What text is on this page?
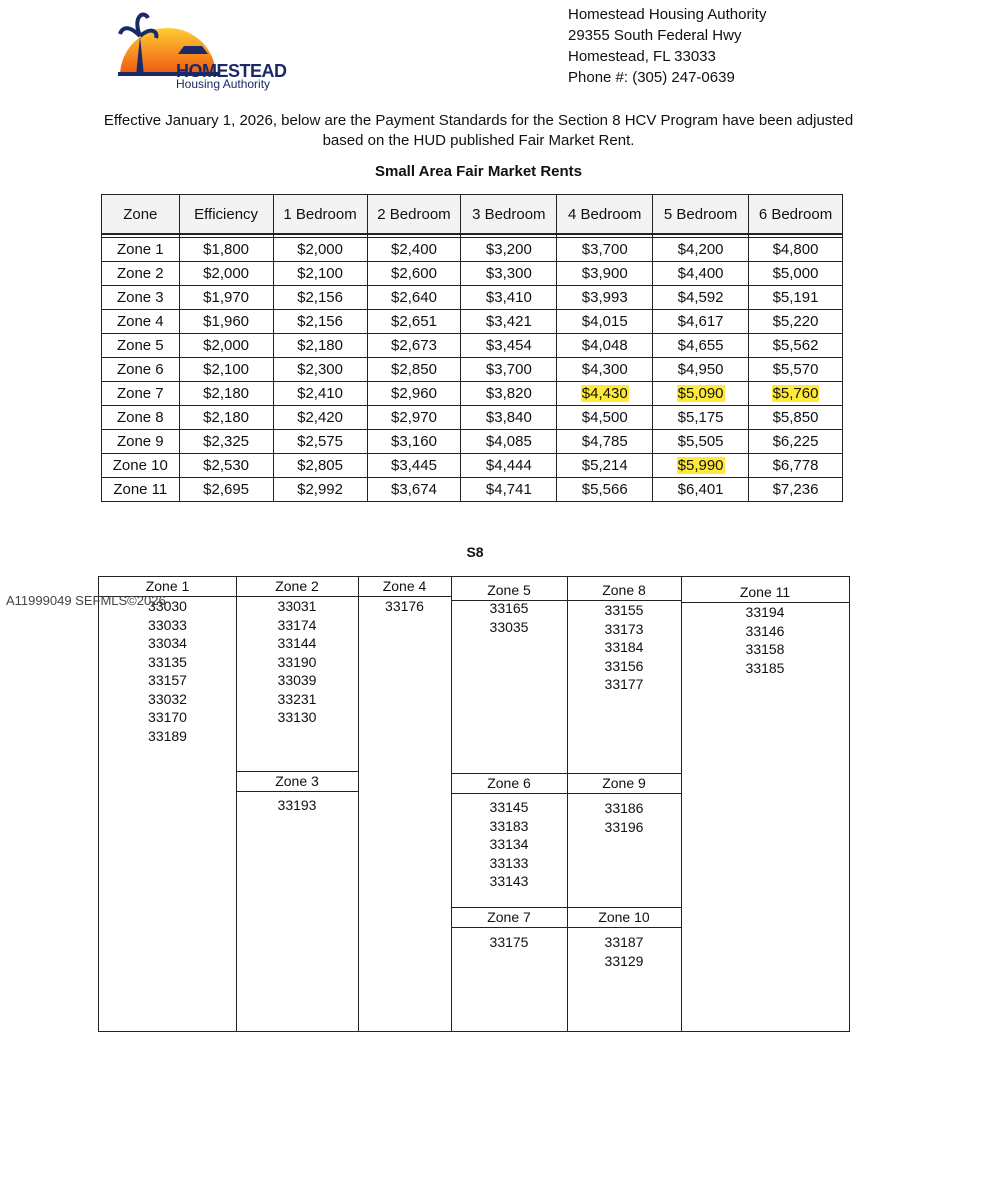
HOMESTEAD
Housing Authority
Homestead Housing Authority
29355 South Federal Hwy
Homestead, FL 33033
Phone #: (305) 247-0639
Effective January 1, 2026, below are the Payment Standards for the Section 8 HCV Program have been adjusted
based on the HUD published Fair Market Rent.
Small Area Fair Market Rents
Zone	Efficiency	1 Bedroom	2 Bedroom	3 Bedroom	4 Bedroom	5 Bedroom	6 Bedroom

Zone 1	$1,800	$2,000	$2,400	$3,200	$3,700	$4,200	$4,800
Zone 2	$2,000	$2,100	$2,600	$3,300	$3,900	$4,400	$5,000
Zone 3	$1,970	$2,156	$2,640	$3,410	$3,993	$4,592	$5,191
Zone 4	$1,960	$2,156	$2,651	$3,421	$4,015	$4,617	$5,220
Zone 5	$2,000	$2,180	$2,673	$3,454	$4,048	$4,655	$5,562
Zone 6	$2,100	$2,300	$2,850	$3,700	$4,300	$4,950	$5,570
Zone 7	$2,180	$2,410	$2,960	$3,820	$4,430	$5,090	$5,760
Zone 8	$2,180	$2,420	$2,970	$3,840	$4,500	$5,175	$5,850
Zone 9	$2,325	$2,575	$3,160	$4,085	$4,785	$5,505	$6,225
Zone 10	$2,530	$2,805	$3,445	$4,444	$5,214	$5,990	$6,778
Zone 11	$2,695	$2,992	$3,674	$4,741	$5,566	$6,401	$7,236
S8
Zone 1
33030
33033
33034
33135
33157
33032
33170
33189
Zone 2
33031
33174
33144
33190
33039
33231
33130
Zone 3
33193
Zone 4
33176
Zone 5
33165
33035
Zone 6
33145
33183
33134
33133
33143
Zone 7
33175
Zone 8
33155
33173
33184
33156
33177
Zone 9
33186
33196
Zone 10
33187
33129
Zone 11
33194
33146
33158
33185
A11999049 SEFMLS©2026
